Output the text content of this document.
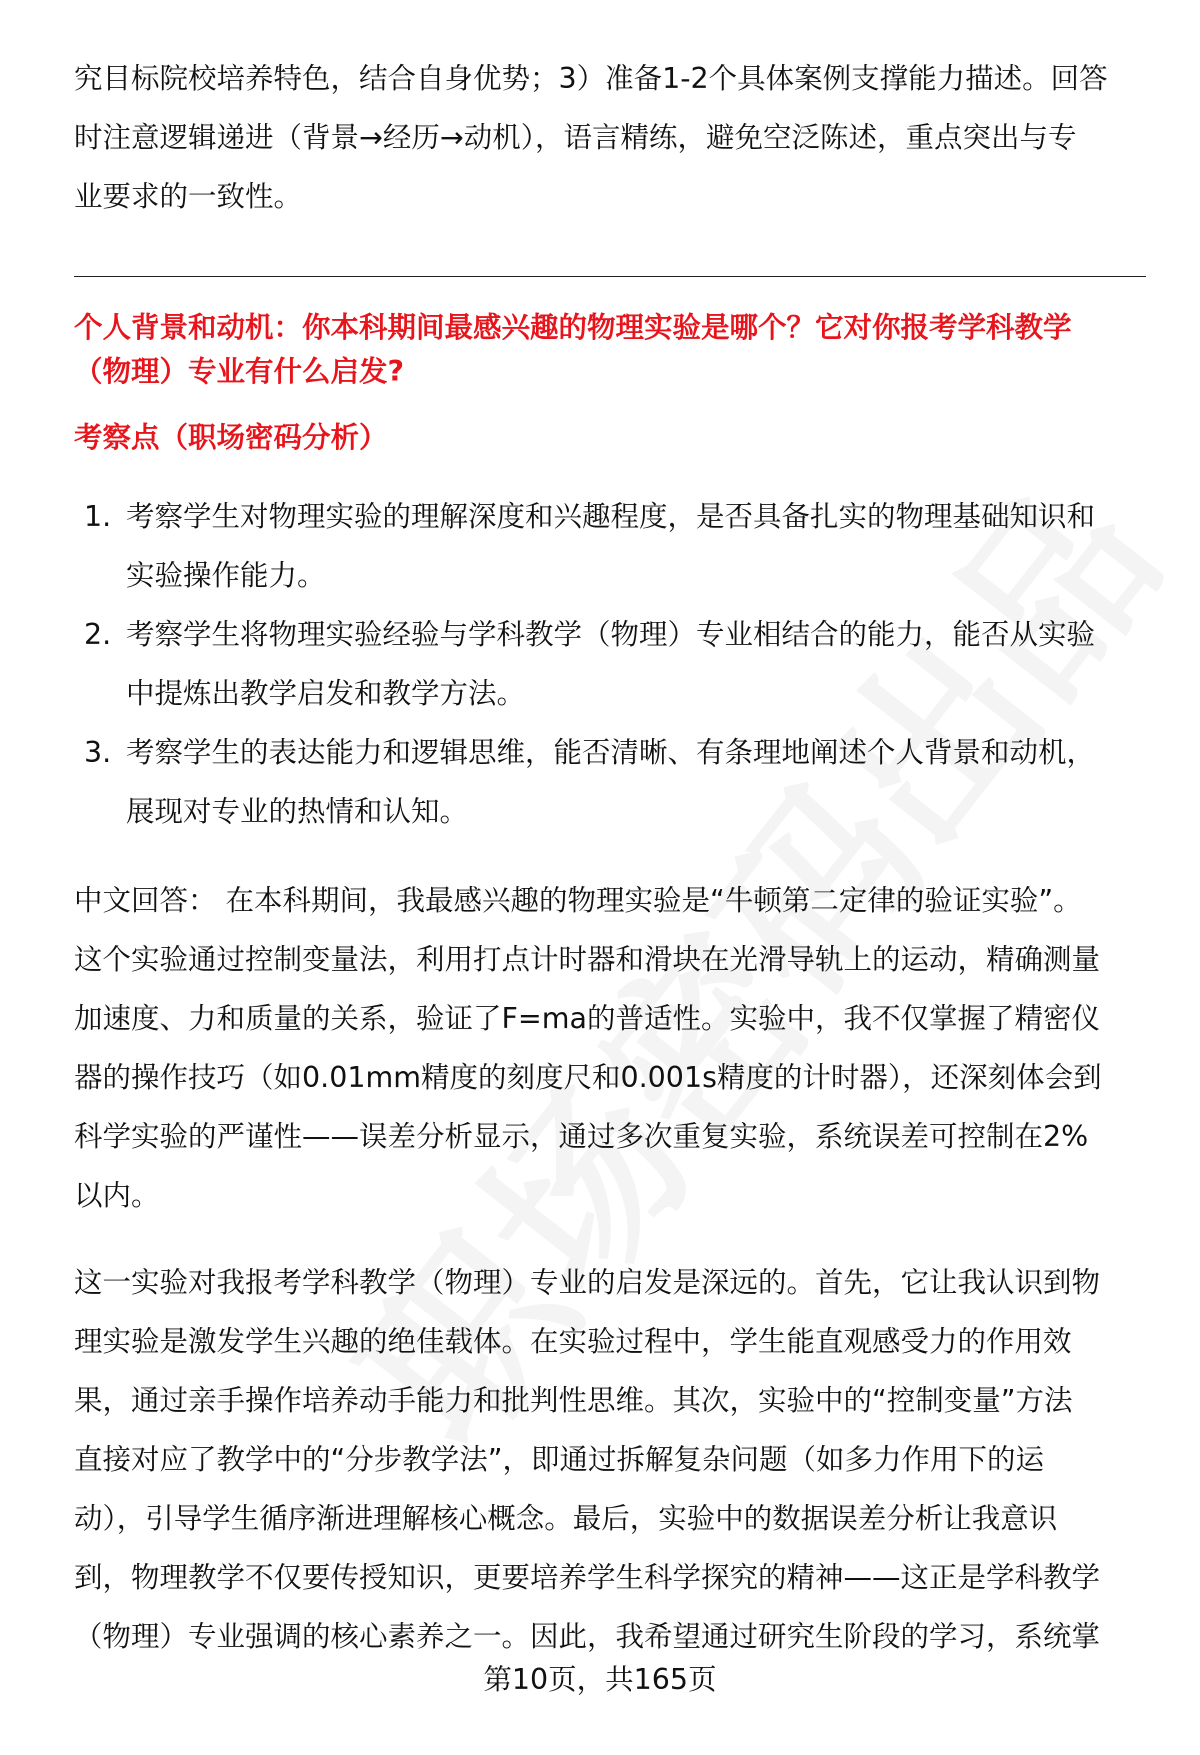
究目标院校培养特色，结合自身优势；3）准备1-2个具体案例支撑能力描述。回答
时注意逻辑递进（背景→经历→动机），语言精练，避免空泛陈述，重点突出与专
业要求的一致性。
个人背景和动机：你本科期间最感兴趣的物理实验是哪个？它对你报考学科教学
（物理）专业有什么启发?
考察点（职场密码分析）
1. 考察学生对物理实验的理解深度和兴趣程度，是否具备扎实的物理基础知识和
实验操作能力。
2. 考察学生将物理实验经验与学科教学（物理）专业相结合的能力，能否从实验
中提炼出教学启发和教学方法。
3. 考察学生的表达能力和逻辑思维，能否清晰、有条理地阐述个人背景和动机，
展现对专业的热情和认知。
中文回答： 在本科期间，我最感兴趣的物理实验是“牛顿第二定律的验证实验”。
这个实验通过控制变量法，利用打点计时器和滑块在光滑导轨上的运动，精确测量
加速度、力和质量的关系，验证了F=ma的普适性。实验中，我不仅掌握了精密仪
器的操作技巧（如0.01mm精度的刻度尺和0.001s精度的计时器），还深刻体会到
科学实验的严谨性——误差分析显示，通过多次重复实验，系统误差可控制在2%
以内。
这一实验对我报考学科教学（物理）专业的启发是深远的。首先，它让我认识到物
理实验是激发学生兴趣的绝佳载体。在实验过程中，学生能直观感受力的作用效
果，通过亲手操作培养动手能力和批判性思维。其次，实验中的“控制变量”方法
直接对应了教学中的“分步教学法”，即通过拆解复杂问题（如多力作用下的运
动），引导学生循序渐进理解核心概念。最后，实验中的数据误差分析让我意识
到，物理教学不仅要传授知识，更要培养学生科学探究的精神——这正是学科教学
（物理）专业强调的核心素养之一。因此，我希望通过研究生阶段的学习，系统掌
第10页，共165页
